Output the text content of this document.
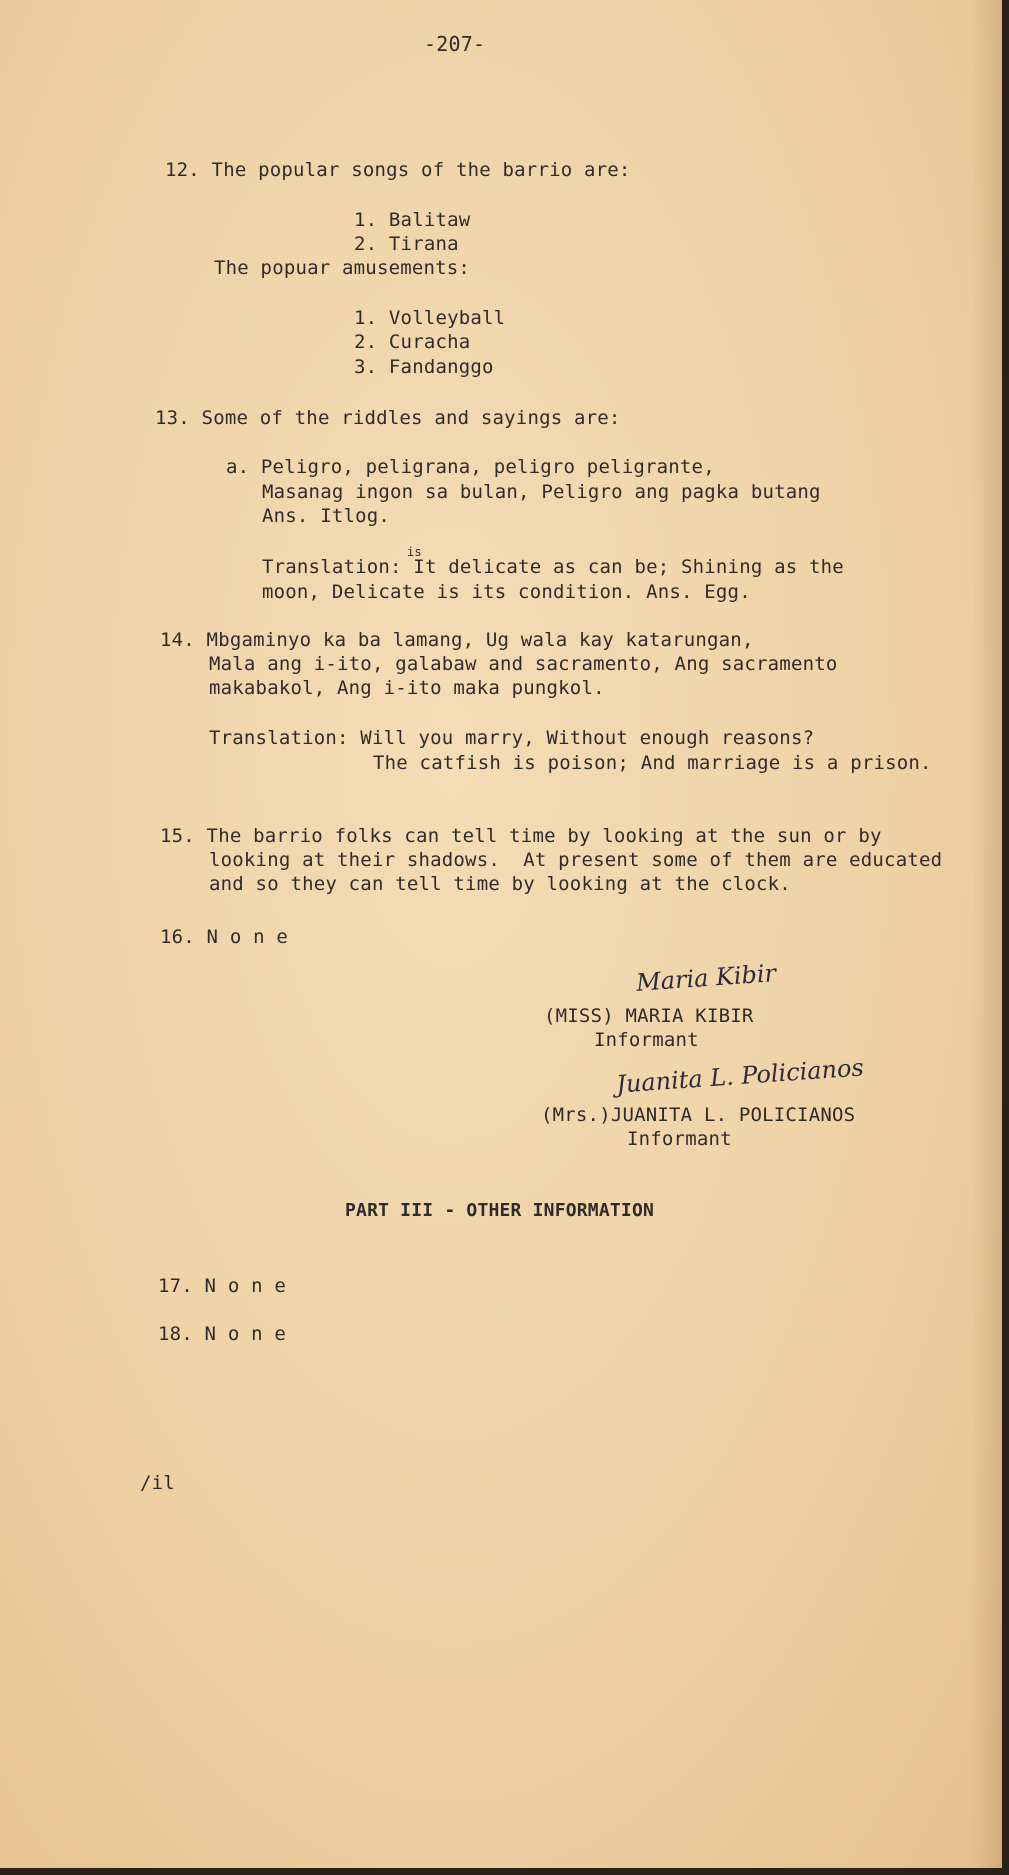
-207-
12. The popular songs of the barrio are:
1. Balitaw
2. Tirana
The popuar amusements:
1. Volleyball
2. Curacha
3. Fandanggo
13. Some of the riddles and sayings are:
a. Peligro, peligrana, peligro peligrante,
Masanag ingon sa bulan, Peligro ang pagka butang
Ans. Itlog.
Translation: It delicate as can be; Shining as the
is
moon, Delicate is its condition. Ans. Egg.
14. Mbgaminyo ka ba lamang, Ug wala kay katarungan,
Mala ang i-ito, galabaw and sacramento, Ang sacramento
makabakol, Ang i-ito maka pungkol.
Translation: Will you marry, Without enough reasons?
The catfish is poison; And marriage is a prison.
15. The barrio folks can tell time by looking at the sun or by
looking at their shadows.  At present some of them are educated
and so they can tell time by looking at the clock.
16. N o n e
Maria Kibir
(MISS) MARIA KIBIR
Informant
Juanita L. Policianos
(Mrs.)JUANITA L. POLICIANOS
Informant
PART III - OTHER INFORMATION
17. N o n e
18. N o n e
/il
